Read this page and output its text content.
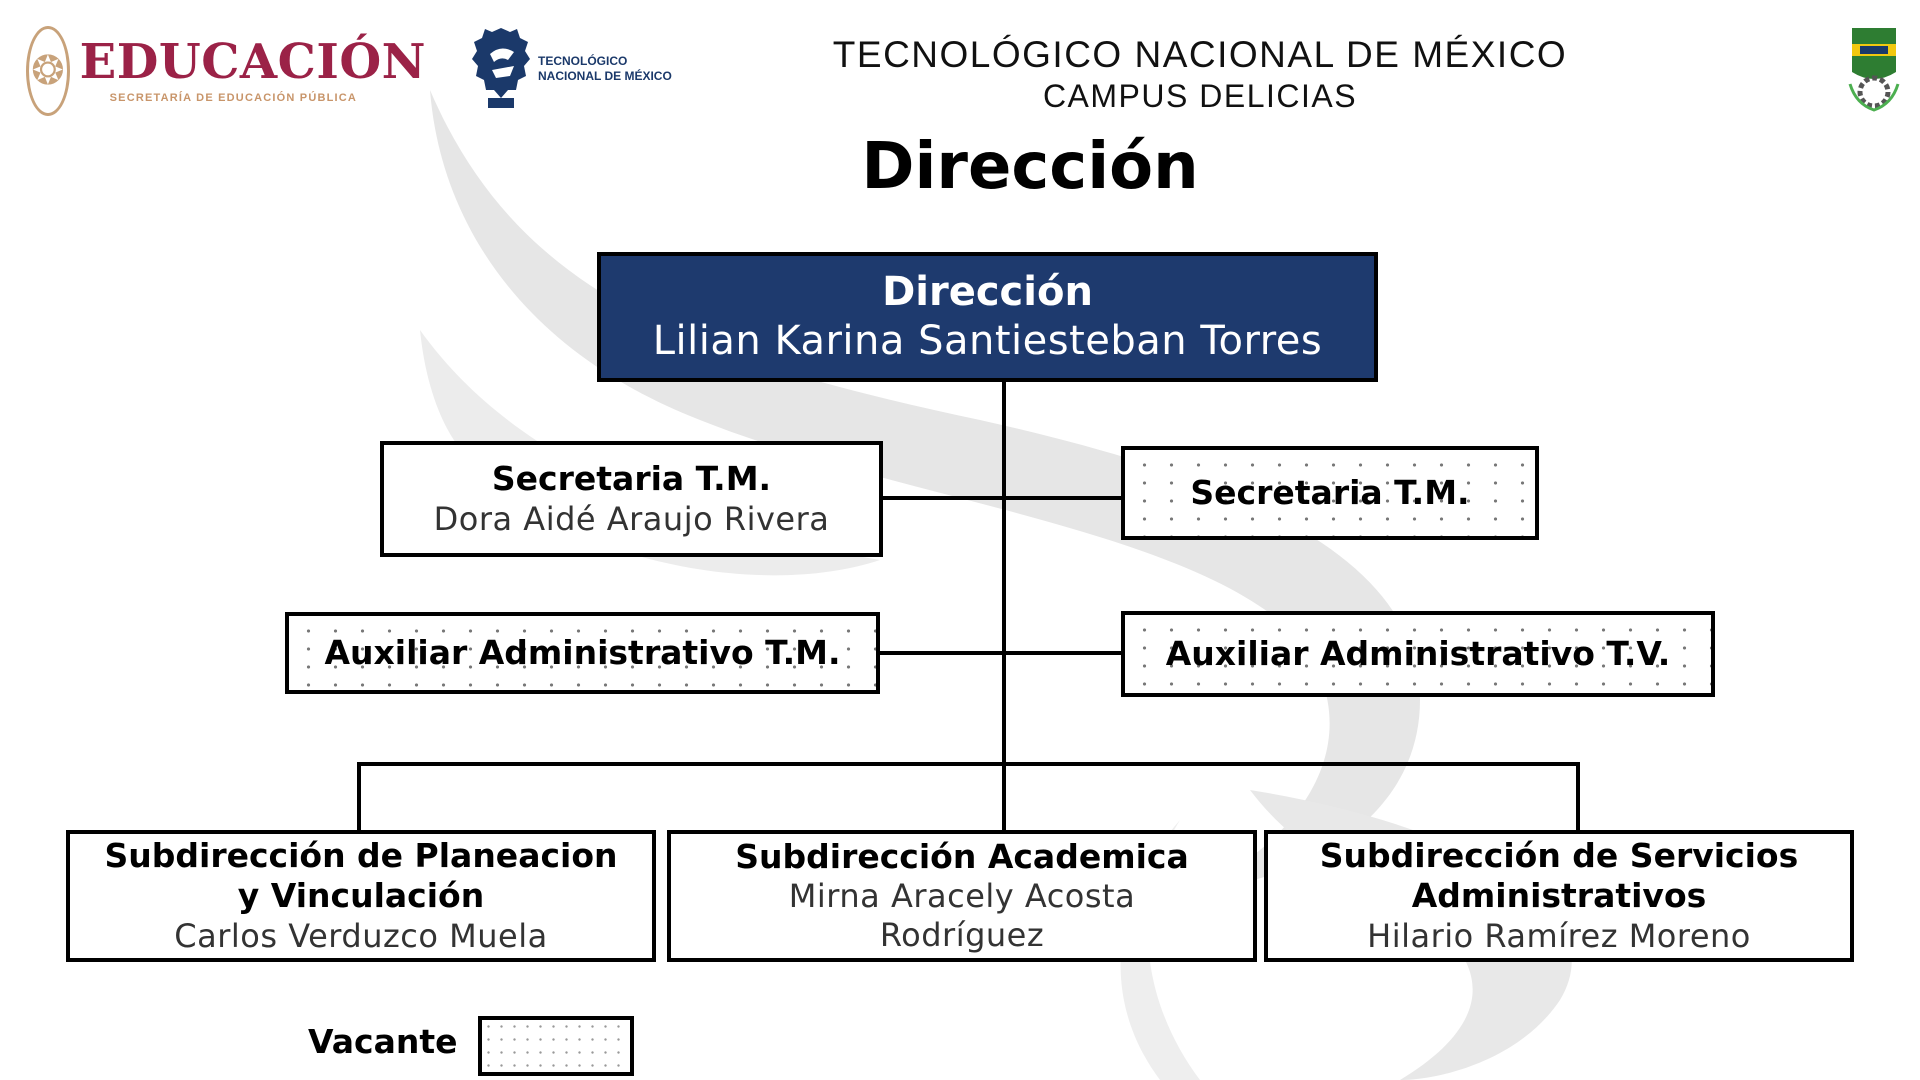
❂ EDUCACIÓN
SECRETARÍA DE EDUCACIÓN PÚBLICA
TECNOLÓGICO
NACIONAL DE MÉXICO
TECNOLÓGICO NACIONAL DE MÉXICO
CAMPUS DELICIAS
Dirección
Dirección
Lilian Karina Santiesteban Torres
Secretaria T.M.
Dora Aidé Araujo Rivera
Auxiliar Administrativo T.M.
Secretaria T.M.
Auxiliar Administrativo T.V.
Subdirección de Planeacion
y Vinculación
Carlos Verduzco Muela
Subdirección Academica
Mirna Aracely Acosta
Rodríguez
Subdirección de Servicios
Administrativos
Hilario Ramírez Moreno
Vacante
